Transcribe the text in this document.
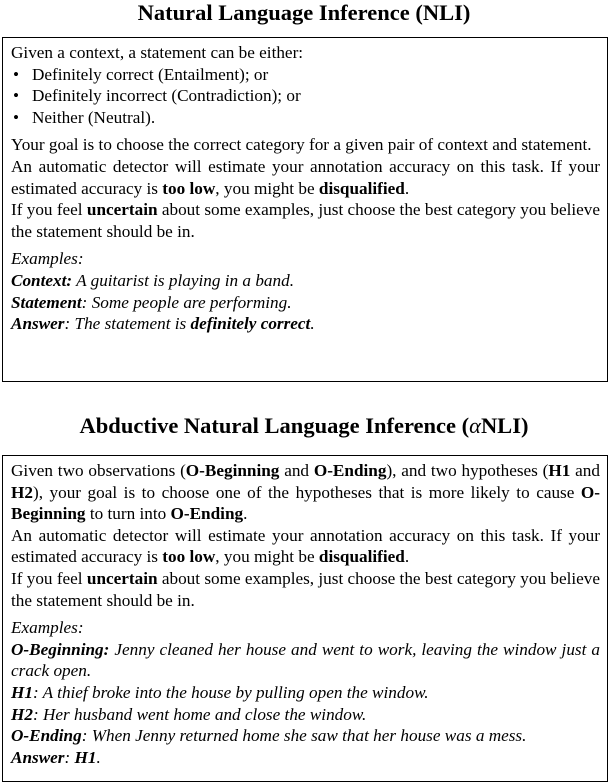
Natural Language Inference (NLI)
Given a context, a statement can be either:
• Definitely correct (Entailment); or
• Definitely incorrect (Contradiction); or
• Neither (Neutral).
Your goal is to choose the correct category for a given pair of context and statement.
An automatic detector will estimate your annotation accuracy on this task. If your estimated accuracy is too low, you might be disqualified.
If you feel uncertain about some examples, just choose the best category you believe the statement should be in.
Examples:
Context: A guitarist is playing in a band.
Statement: Some people are performing.
Answer: The statement is definitely correct.
Abductive Natural Language Inference (αNLI)
Given two observations (O-Beginning and O-Ending), and two hypotheses (H1 and H2), your goal is to choose one of the hypotheses that is more likely to cause O-Beginning to turn into O-Ending.
An automatic detector will estimate your annotation accuracy on this task. If your estimated accuracy is too low, you might be disqualified.
If you feel uncertain about some examples, just choose the best category you believe the statement should be in.
Examples:
O-Beginning: Jenny cleaned her house and went to work, leaving the window just a crack open.
H1: A thief broke into the house by pulling open the window.
H2: Her husband went home and close the window.
O-Ending: When Jenny returned home she saw that her house was a mess.
Answer: H1.
